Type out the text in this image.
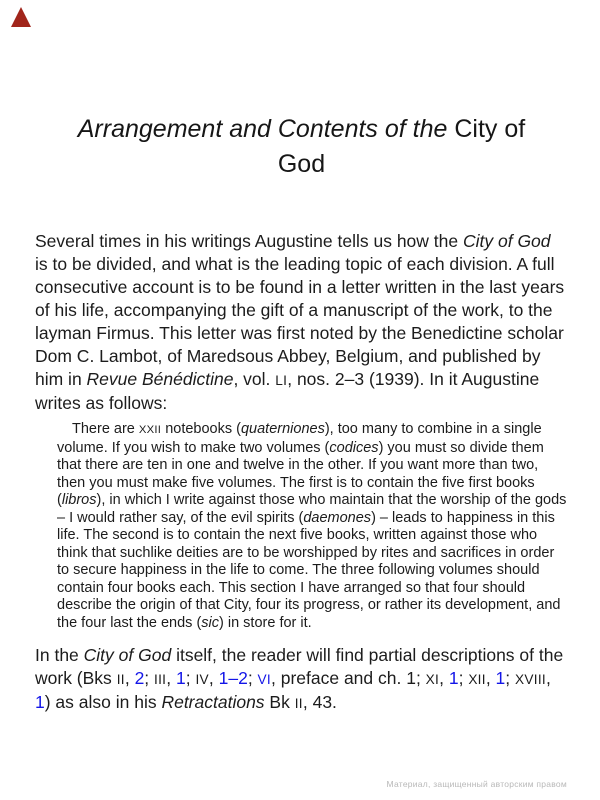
Arrangement and Contents of the City of
God

Several times in his writings Augustine tells us how the City of God is to be divided, and what is the leading topic of each division. A full consecutive account is to be found in a letter written in the last years of his life, accompanying the gift of a manuscript of the work, to the layman Firmus. This letter was first noted by the Benedictine scholar Dom C. Lambot, of Maredsous Abbey, Belgium, and published by him in Revue Bénédictine, vol. LI, nos. 2–3 (1939). In it Augustine writes as follows:

There are XXII notebooks (quaterniones), too many to combine in a single volume. If you wish to make two volumes (codices) you must so divide them that there are ten in one and twelve in the other. If you want more than two, then you must make five volumes. The first is to contain the five first books (libros), in which I write against those who maintain that the worship of the gods – I would rather say, of the evil spirits (daemones) – leads to happiness in this life. The second is to contain the next five books, written against those who think that suchlike deities are to be worshipped by rites and sacrifices in order to secure happiness in the life to come. The three following volumes should contain four books each. This section I have arranged so that four should describe the origin of that City, four its progress, or rather its development, and the four last the ends (sic) in store for it.

In the City of God itself, the reader will find partial descriptions of the work (Bks II, 2; III, 1; IV, 1–2; VI, preface and ch. 1; XI, 1; XII, 1; XVIII, 1) as also in his Retractations Bk II, 43.

Материал, защищенный авторским правом
